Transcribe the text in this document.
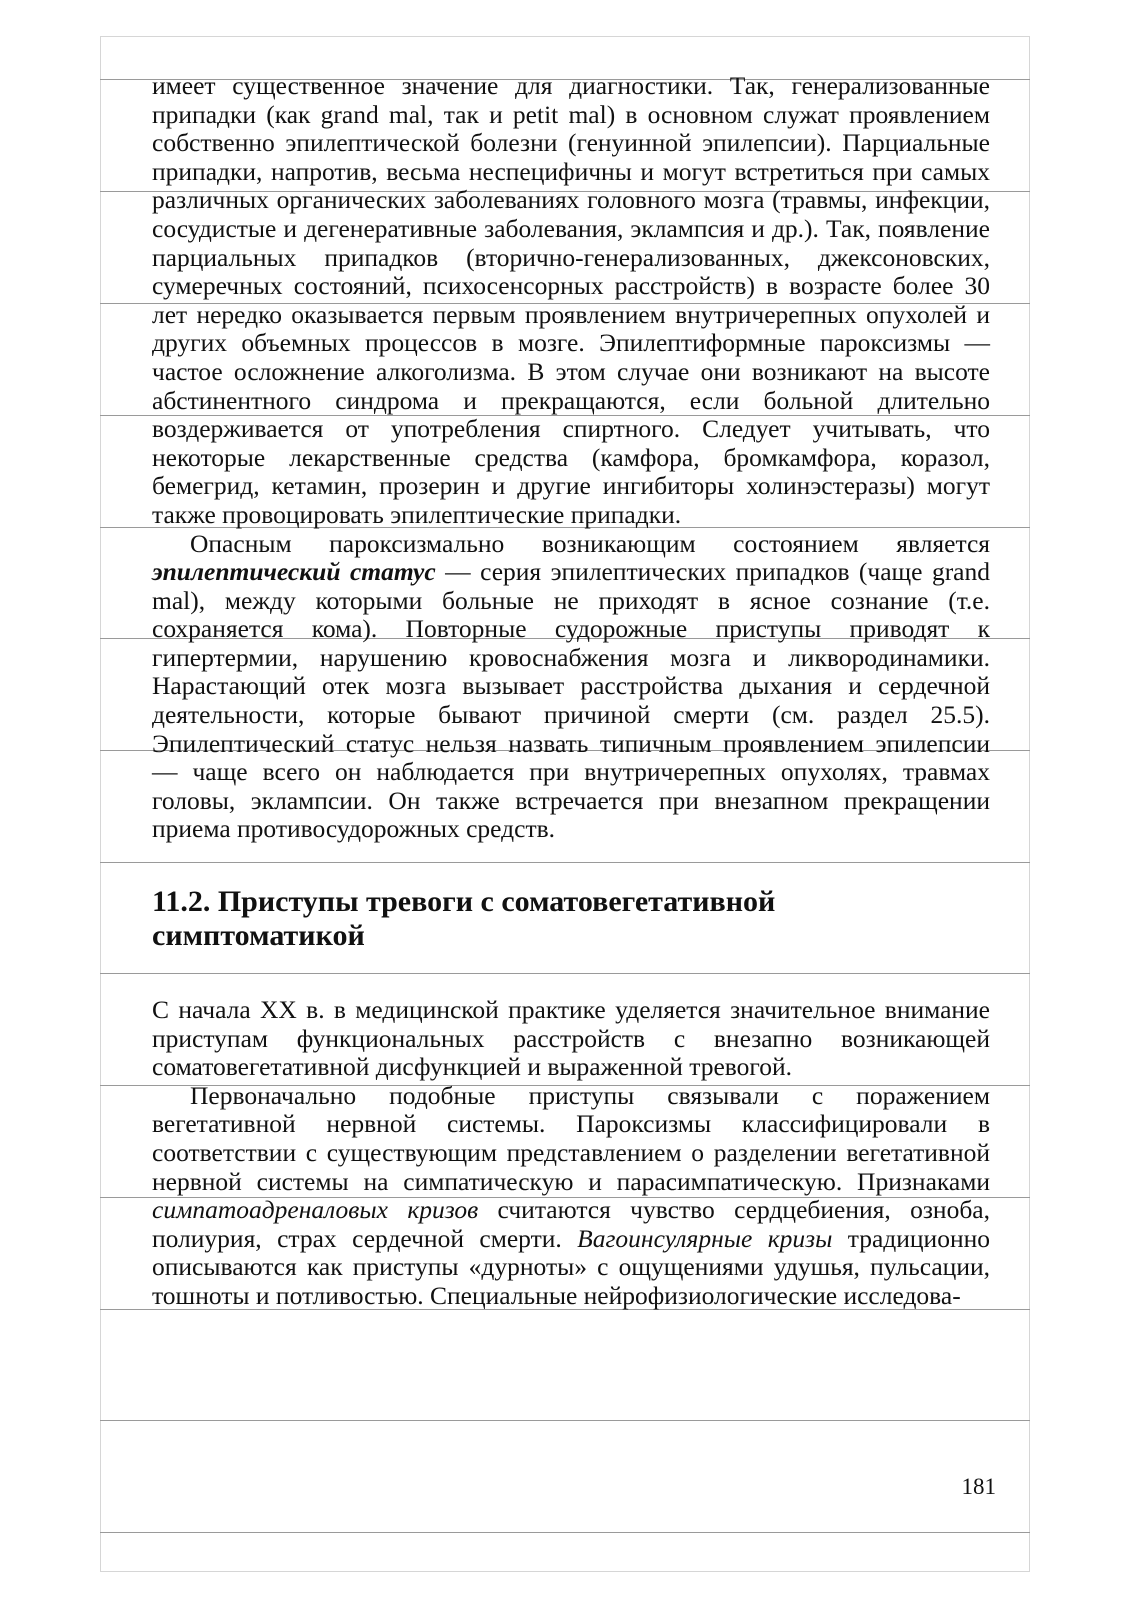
имеет существенное значение для диагностики. Так, генерализованные припадки (как grand mal, так и petit mal) в основном служат проявлением собственно эпилептической болезни (генуинной эпилепсии). Парциальные припадки, напротив, весьма неспецифичны и могут встретиться при самых различных органических заболеваниях головного мозга (травмы, инфекции, сосудистые и дегенеративные заболевания, эклампсия и др.). Так, появление парциальных припадков (вторично-генерализованных, джексоновских, сумеречных состояний, психосенсорных расстройств) в возрасте более 30 лет нередко оказывается первым проявлением внутричерепных опухолей и других объемных процессов в мозге. Эпилептиформные пароксизмы — частое осложнение алкоголизма. В этом случае они возникают на высоте абстинентного синдрома и прекращаются, если больной длительно воздерживается от употребления спиртного. Следует учитывать, что некоторые лекарственные средства (камфора, бромкамфора, коразол, бемегрид, кетамин, прозерин и другие ингибиторы холинэстеразы) могут также провоцировать эпилептические припадки.

Опасным пароксизмально возникающим состоянием является эпилептический статус — серия эпилептических припадков (чаще grand mal), между которыми больные не приходят в ясное сознание (т.е. сохраняется кома). Повторные судорожные приступы приводят к гипертермии, нарушению кровоснабжения мозга и ликвородинамики. Нарастающий отек мозга вызывает расстройства дыхания и сердечной деятельности, которые бывают причиной смерти (см. раздел 25.5). Эпилептический статус нельзя назвать типичным проявлением эпилепсии — чаще всего он наблюдается при внутричерепных опухолях, травмах головы, эклампсии. Он также встречается при внезапном прекращении приема противосудорожных средств.

11.2. Приступы тревоги с соматовегетативной симптоматикой

С начала XX в. в медицинской практике уделяется значительное внимание приступам функциональных расстройств с внезапно возникающей соматовегетативной дисфункцией и выраженной тревогой.

Первоначально подобные приступы связывали с поражением вегетативной нервной системы. Пароксизмы классифицировали в соответствии с существующим представлением о разделении вегетативной нервной системы на симпатическую и парасимпатическую. Признаками симпатоадреналовых кризов считаются чувство сердцебиения, озноба, полиурия, страх сердечной смерти. Вагоинсулярные кризы традиционно описываются как приступы «дурноты» с ощущениями удушья, пульсации, тошноты и потливостью. Специальные нейрофизиологические исследова-

181
